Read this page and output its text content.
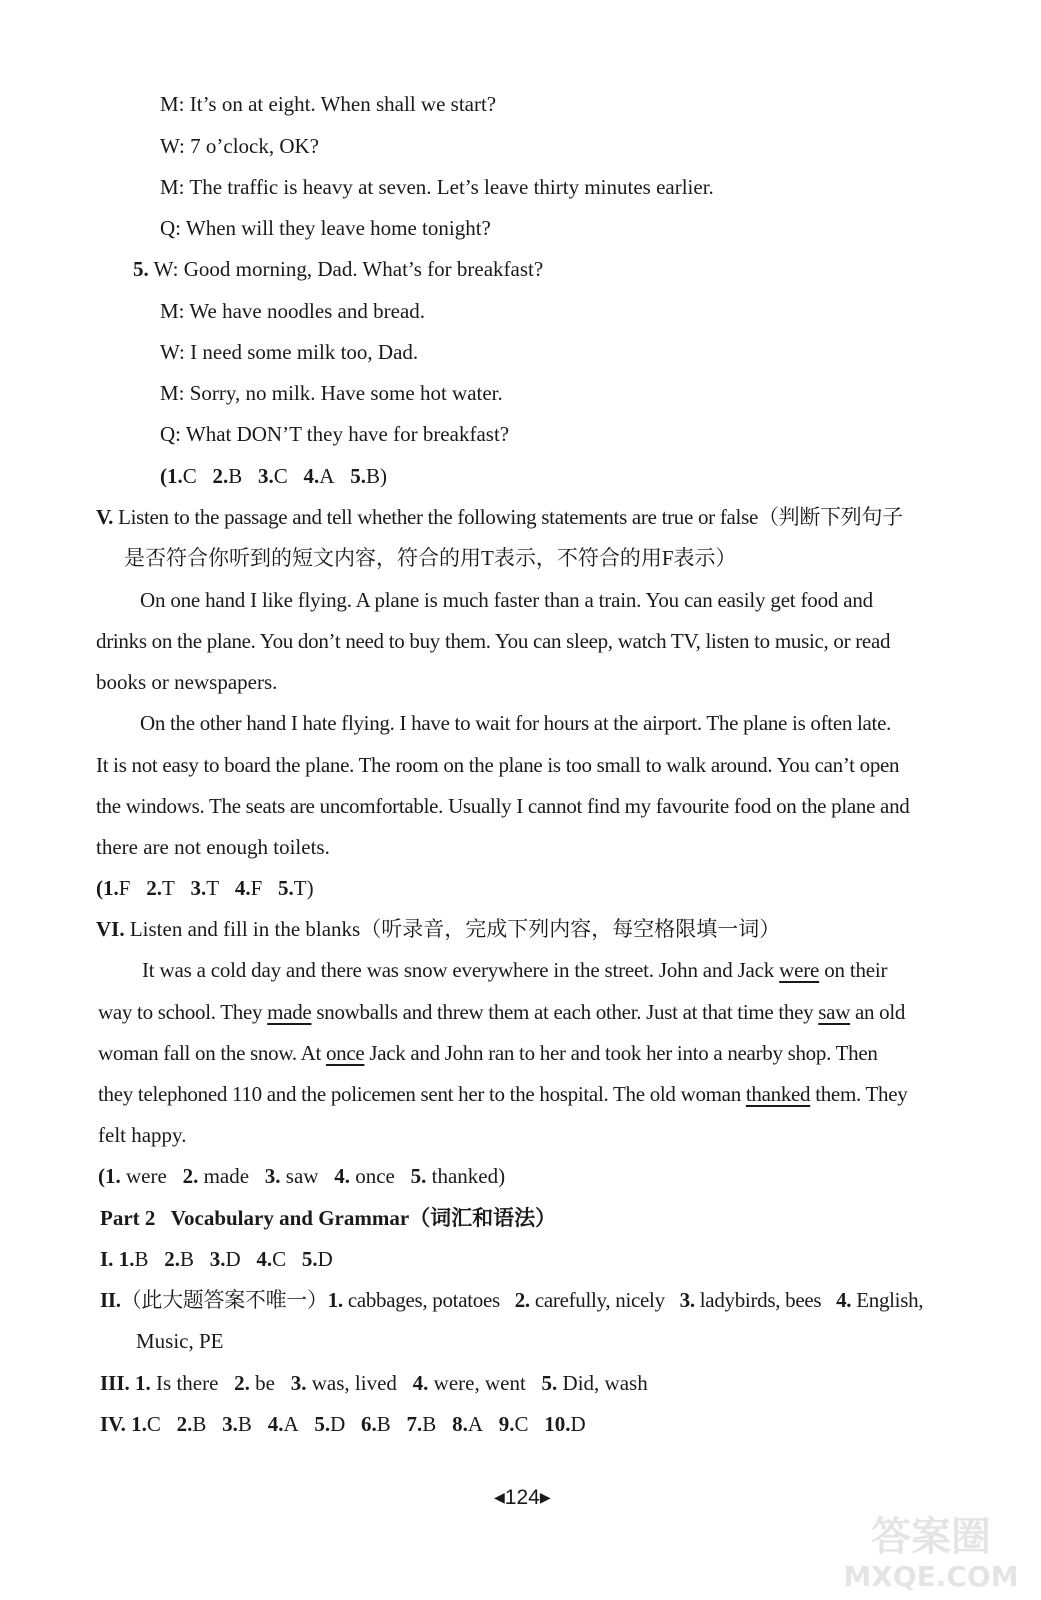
M: It’s on at eight. When shall we start?
W: 7 o’clock, OK?
M: The traffic is heavy at seven. Let’s leave thirty minutes earlier.
Q: When will they leave home tonight?
5. W: Good morning, Dad. What’s for breakfast?
M: We have noodles and bread.
W: I need some milk too, Dad.
M: Sorry, no milk. Have some hot water.
Q: What DON’T they have for breakfast?
(1.C 2.B 3.C 4.A 5.B)
V. Listen to the passage and tell whether the following statements are true or false（判断下列句子
是否符合你听到的短文内容，符合的用T表示，不符合的用F表示）
On one hand I like flying. A plane is much faster than a train. You can easily get food and
drinks on the plane. You don’t need to buy them. You can sleep, watch TV, listen to music, or read
books or newspapers.
On the other hand I hate flying. I have to wait for hours at the airport. The plane is often late.
It is not easy to board the plane. The room on the plane is too small to walk around. You can’t open
the windows. The seats are uncomfortable. Usually I cannot find my favourite food on the plane and
there are not enough toilets.
(1.F 2.T 3.T 4.F 5.T)
VI. Listen and fill in the blanks（听录音，完成下列内容，每空格限填一词）
It was a cold day and there was snow everywhere in the street. John and Jack were on their
way to school. They made snowballs and threw them at each other. Just at that time they saw an old
woman fall on the snow. At once Jack and John ran to her and took her into a nearby shop. Then
they telephoned 110 and the policemen sent her to the hospital. The old woman thanked them. They
felt happy.
(1. were 2. made 3. saw 4. once 5. thanked)
Part 2   Vocabulary and Grammar（词汇和语法）
I. 1.B 2.B 3.D 4.C 5.D
II.（此大题答案不唯一）1. cabbages, potatoes 2. carefully, nicely 3. ladybirds, bees 4. English,
Music, PE
III. 1. Is there 2. be 3. was, lived 4. were, went 5. Did, wash
IV. 1.C 2.B 3.B 4.A 5.D 6.B 7.B 8.A 9.C 10.D
◀124▶
答案圈
MXQE.COM
